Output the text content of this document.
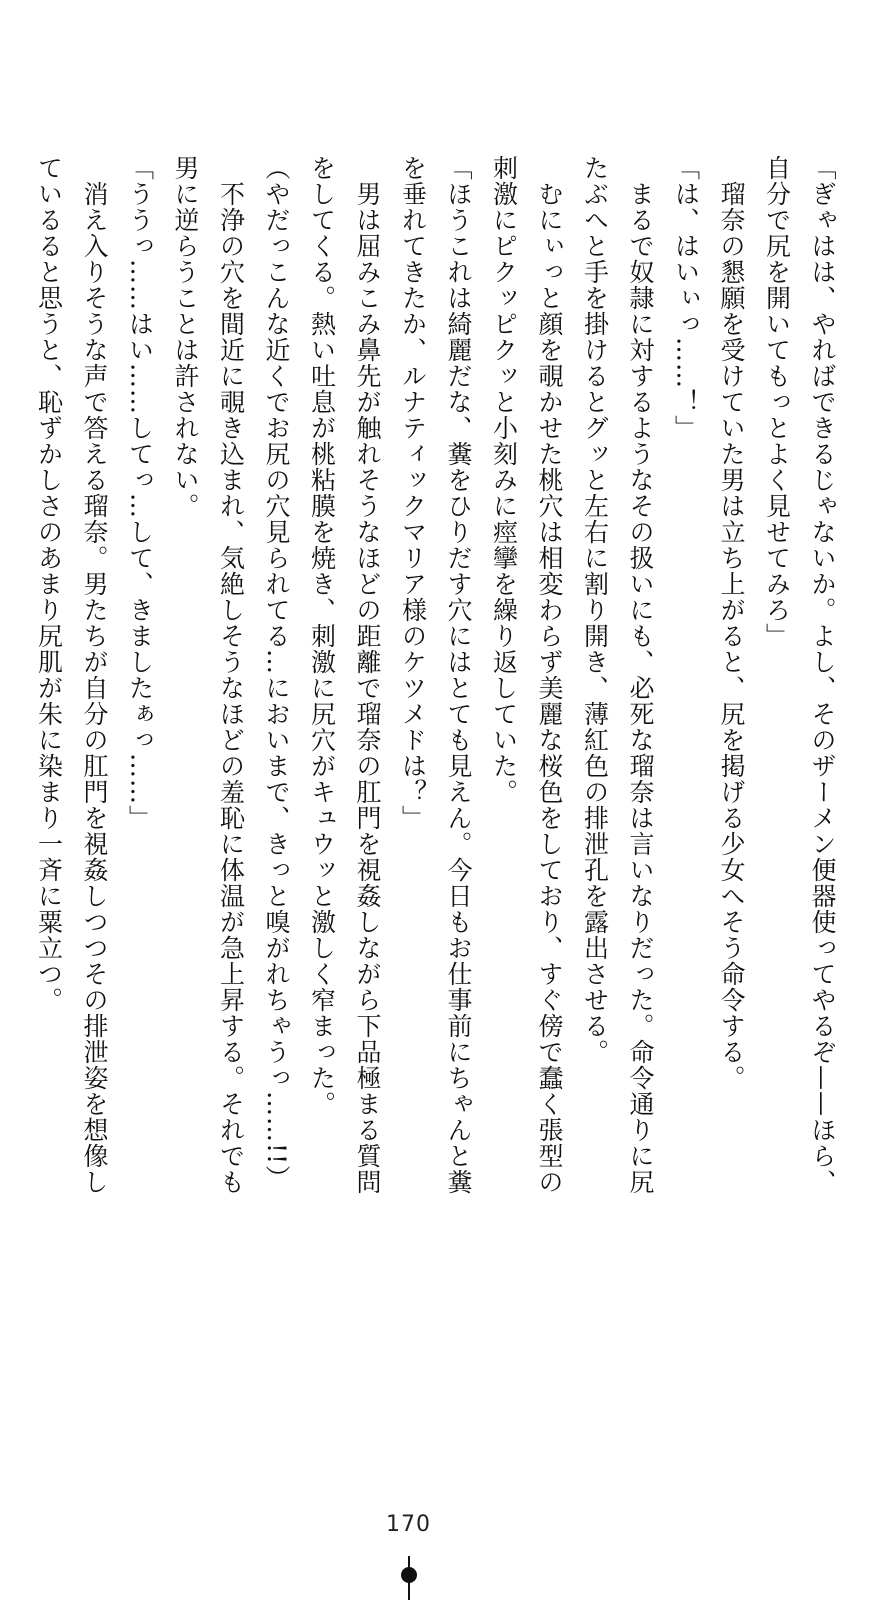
「ぎゃはは、やればできるじゃないか。よし、そのザーメン便器使ってやるぞ——ほら、
自分で尻を開いてもっとよく見せてみろ」
　瑠奈の懇願を受けていた男は立ち上がると、尻を掲げる少女へそう命令する。
「は、はいぃっ……！」
　まるで奴隷に対するようなその扱いにも、必死な瑠奈は言いなりだった。命令通りに尻
たぶへと手を掛けるとグッと左右に割り開き、薄紅色の排泄孔を露出させる。
　むにぃっと顔を覗かせた桃穴は相変わらず美麗な桜色をしており、すぐ傍で蠢く張型の
刺激にピクッピクッと小刻みに痙攣を繰り返していた。
「ほうこれは綺麗だな、糞をひりだす穴にはとても見えん。今日もお仕事前にちゃんと糞
を垂れてきたか、ルナティックマリア様のケツメドは？」
　男は屈みこみ鼻先が触れそうなほどの距離で瑠奈の肛門を視姦しながら下品極まる質問
をしてくる。熱い吐息が桃粘膜を焼き、刺激に尻穴がキュウッと激しく窄まった。
（やだっこんな近くでお尻の穴見られてる…においまで、きっと嗅がれちゃうっ……!!）
　不浄の穴を間近に覗き込まれ、気絶しそうなほどの羞恥に体温が急上昇する。それでも
男に逆らうことは許されない。
「ううっ……はい……してっ…して、きましたぁっ……」
　消え入りそうな声で答える瑠奈。男たちが自分の肛門を視姦しつつその排泄姿を想像し
ているると思うと、恥ずかしさのあまり尻肌が朱に染まり一斉に粟立つ。
170
